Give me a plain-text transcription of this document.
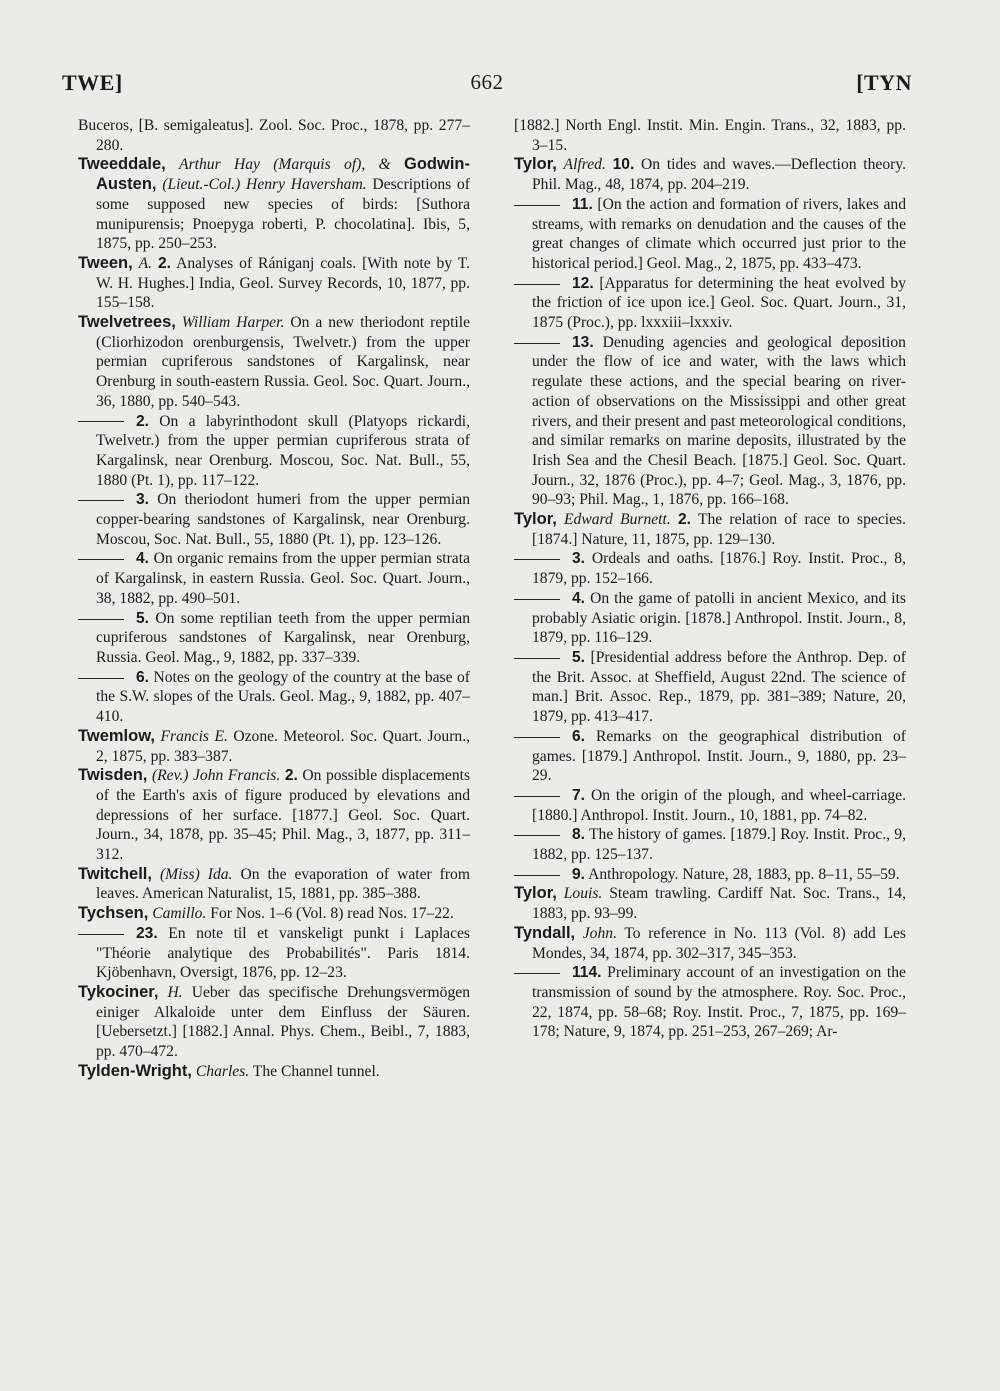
TWE]	662	[TYN

Buceros, [B. semigaleatus]. Zool. Soc. Proc., 1878, pp. 277–280.

Tweeddale, Arthur Hay (Marquis of), & Godwin-Austen, (Lieut.-Col.) Henry Haversham. Descriptions of some supposed new species of birds: [Suthora munipurensis; Pnoepyga roberti, P. chocolatina]. Ibis, 5, 1875, pp. 250–253.

Tween, A. 2. Analyses of Rániganj coals. [With note by T. W. H. Hughes.] India, Geol. Survey Records, 10, 1877, pp. 155–158.

Twelvetrees, William Harper. On a new theriodont reptile (Cliorhizodon orenburgensis, Twelvetr.) from the upper permian cupriferous sandstones of Kargalinsk, near Orenburg in south-eastern Russia. Geol. Soc. Quart. Journ., 36, 1880, pp. 540–543.

2. On a labyrinthodont skull (Platyops rickardi, Twelvetr.) from the upper permian cupriferous strata of Kargalinsk, near Orenburg. Moscou, Soc. Nat. Bull., 55, 1880 (Pt. 1), pp. 117–122.

3. On theriodont humeri from the upper permian copper-bearing sandstones of Kargalinsk, near Orenburg. Moscou, Soc. Nat. Bull., 55, 1880 (Pt. 1), pp. 123–126.

4. On organic remains from the upper permian strata of Kargalinsk, in eastern Russia. Geol. Soc. Quart. Journ., 38, 1882, pp. 490–501.

5. On some reptilian teeth from the upper permian cupriferous sandstones of Kargalinsk, near Orenburg, Russia. Geol. Mag., 9, 1882, pp. 337–339.

6. Notes on the geology of the country at the base of the S.W. slopes of the Urals. Geol. Mag., 9, 1882, pp. 407–410.

Twemlow, Francis E. Ozone. Meteorol. Soc. Quart. Journ., 2, 1875, pp. 383–387.

Twisden, (Rev.) John Francis. 2. On possible displacements of the Earth's axis of figure produced by elevations and depressions of her surface. [1877.] Geol. Soc. Quart. Journ., 34, 1878, pp. 35–45; Phil. Mag., 3, 1877, pp. 311–312.

Twitchell, (Miss) Ida. On the evaporation of water from leaves. American Naturalist, 15, 1881, pp. 385–388.

Tychsen, Camillo. For Nos. 1–6 (Vol. 8) read Nos. 17–22.

23. En note til et vanskeligt punkt i Laplaces "Théorie analytique des Probabilités". Paris 1814. Kjöbenhavn, Oversigt, 1876, pp. 12–23.

Tykociner, H. Ueber das specifische Drehungsvermögen einiger Alkaloide unter dem Einfluss der Säuren. [Uebersetzt.] [1882.] Annal. Phys. Chem., Beibl., 7, 1883, pp. 470–472.

Tylden-Wright, Charles. The Channel tunnel.

[1882.] North Engl. Instit. Min. Engin. Trans., 32, 1883, pp. 3–15.

Tylor, Alfred. 10. On tides and waves.—Deflection theory. Phil. Mag., 48, 1874, pp. 204–219.

11. [On the action and formation of rivers, lakes and streams, with remarks on denudation and the causes of the great changes of climate which occurred just prior to the historical period.] Geol. Mag., 2, 1875, pp. 433–473.

12. [Apparatus for determining the heat evolved by the friction of ice upon ice.] Geol. Soc. Quart. Journ., 31, 1875 (Proc.), pp. lxxxiii–lxxxiv.

13. Denuding agencies and geological deposition under the flow of ice and water, with the laws which regulate these actions, and the special bearing on river-action of observations on the Mississippi and other great rivers, and their present and past meteorological conditions, and similar remarks on marine deposits, illustrated by the Irish Sea and the Chesil Beach. [1875.] Geol. Soc. Quart. Journ., 32, 1876 (Proc.), pp. 4–7; Geol. Mag., 3, 1876, pp. 90–93; Phil. Mag., 1, 1876, pp. 166–168.

Tylor, Edward Burnett. 2. The relation of race to species. [1874.] Nature, 11, 1875, pp. 129–130.

3. Ordeals and oaths. [1876.] Roy. Instit. Proc., 8, 1879, pp. 152–166.

4. On the game of patolli in ancient Mexico, and its probably Asiatic origin. [1878.] Anthropol. Instit. Journ., 8, 1879, pp. 116–129.

5. [Presidential address before the Anthrop. Dep. of the Brit. Assoc. at Sheffield, August 22nd. The science of man.] Brit. Assoc. Rep., 1879, pp. 381–389; Nature, 20, 1879, pp. 413–417.

6. Remarks on the geographical distribution of games. [1879.] Anthropol. Instit. Journ., 9, 1880, pp. 23–29.

7. On the origin of the plough, and wheel-carriage. [1880.] Anthropol. Instit. Journ., 10, 1881, pp. 74–82.

8. The history of games. [1879.] Roy. Instit. Proc., 9, 1882, pp. 125–137.

9. Anthropology. Nature, 28, 1883, pp. 8–11, 55–59.

Tylor, Louis. Steam trawling. Cardiff Nat. Soc. Trans., 14, 1883, pp. 93–99.

Tyndall, John. To reference in No. 113 (Vol. 8) add Les Mondes, 34, 1874, pp. 302–317, 345–353.

114. Preliminary account of an investigation on the transmission of sound by the atmosphere. Roy. Soc. Proc., 22, 1874, pp. 58–68; Roy. Instit. Proc., 7, 1875, pp. 169–178; Nature, 9, 1874, pp. 251–253, 267–269; Ar-
